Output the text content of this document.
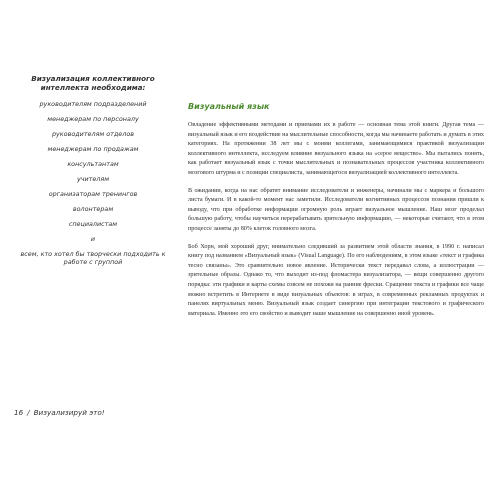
Визуализация коллективного интеллекта необходима:

руководителям подразделений

менеджерам по персоналу

руководителям отделов

менеджерам по продажам

консультантам

учителям

организаторам тренингов

волонтерам

специалистам

и

всем, кто хотел бы творчески подходить к работе с группой

Визуальный язык

Овладение эффективными методами и приемами их в работе — основная тема этой книги. Другая тема — визуальный язык и его воздействие на мыслительные способности, когда мы начинаете работать и думать в этих категориях. На протяжении 38 лет мы с моими коллегами, занимающимися практикой визуализации коллективного интеллекта, исследуем влияние визуального языка на «серое вещество». Мы пытались понять, как работает визуальный язык с точки мыслительных и познавательных процессов участника коллективного мозгового штурма и с позиции специалиста, занимающегося визуализацией коллективного интеллекта.

В ожидании, когда на нас обратят внимание исследователи и инженеры, начинали мы с маркера и большого листа бумаги. И в какой-то момент нас заметили. Исследователи когнитивных процессов познания пришли к выводу, что при обработке информации огромную роль играет визуальное мышление. Наш мозг проделал большую работу, чтобы научиться перерабатывать зрительную информацию, — некоторые считают, что в этом процессе заняты до 80% клеток головного мозга.

Боб Хорн, мой хороший друг, внимательно следивший за развитием этой области знания, в 1990 г. написал книгу под названием «Визуальный язык» (Visual Language). По его наблюдениям, в этом языке «текст и графика тесно связаны». Это сравнительно новое явление. Исторически текст передавал слова, а иллюстрации — зрительные образы. Однако то, что выходит из-под фломастера визуализатора, — вещи совершенно другого порядка: эти графики и карты схемы совсем не похожи на ранние фрески. Сращение текста и графики все чаще можно встретить в Интернете в виде визуальных объектов: в играх, в современных рекламных продуктах и панелях виртуальных меню. Визуальный язык создает синергию при интеграции текстового и графического материала. Именно это его свойство и выводит наше мышление на совершенно иной уровень.

16 / Визуализируй это!
